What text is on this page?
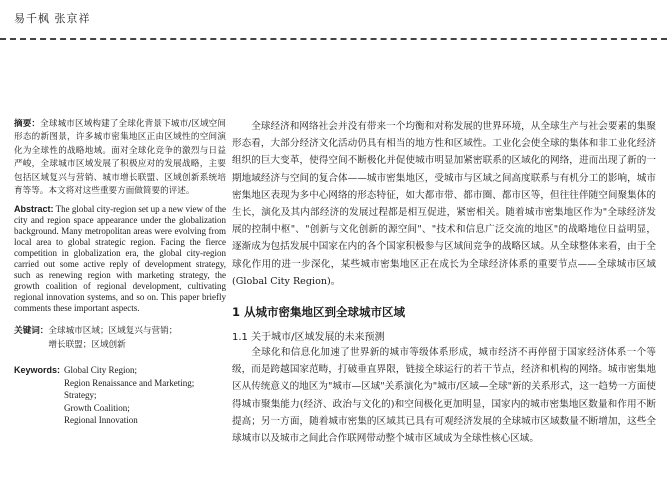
易千枫 张京祥
摘要：全球城市区域构建了全球化背景下城市/区域空间形态的新图景，许多城市密集地区正由区域性的空间演化为全球性的战略地域。面对全球化竞争的激烈与日益严峻，全球城市区域发展了积极应对的发展战略，主要包括区域复兴与营销、城市增长联盟、区域创新系统培育等等。本文将对这些重要方面做简要的评述。
Abstract: The global city-region set up a new view of the city and region space appearance under the globalization background. Many metropolitan areas were evolving from local area to global strategic region. Facing the fierce competition in globalization era, the global city-region carried out some active reply of development strategy, such as renewing region with marketing strategy, the growth coalition of regional development, cultivating regional innovation systems, and so on. This paper briefly comments these important aspects.
关键词： 全球城市区域；区域复兴与营销；
增长联盟；区域创新
Keywords: Global City Region;
Region Renaissance and Marketing;
Strategy;
Growth Coalition;
Regional Innovation

全球经济和网络社会并没有带来一个均衡和对称发展的世界环境，从全球生产与社会要素的集聚形态看，大部分经济文化活动仍具有相当的地方性和区域性。工业化会使全球的集体和非工业化经济组织的巨大变革，使得空间不断极化并促使城市明显加紧密联系的区域化的网络，进而出现了新的一期地域经济与空间的复合体——城市密集地区，受城市与区域之间高度联系与有机分工的影响，城市密集地区表现为多中心网络的形态特征，如大都市带、都市圈、都市区等，但往往伴随空间聚集体的生长，演化及其内部经济的发展过程都是相互促进，紧密相关。随着城市密集地区作为"全球经济发展的控制中枢"、"创新与文化创新的源空间"、"技术和信息广泛交流的地区"的战略地位日益明显，逐渐成为包括发展中国家在内的各个国家积极参与区域间竞争的战略区域。从全球整体来看，由于全球化作用的进一步深化，某些城市密集地区正在成长为全球经济体系的重要节点——全球城市区域(Global City Region)。

1 从城市密集地区到全球城市区域
1.1 关于城市/区域发展的未来预测

全球化和信息化加速了世界新的城市等级体系形成，城市经济不再停留于国家经济体系一个等级，而是跨越国家范畴，打破垂直界限，链接全球运行的若干节点，经济和机构的网络。城市密集地区从传统意义的地区为"城市—区域"关系演化为"城市/区域—全球"新的关系形式，这一趋势一方面使得城市聚集能力(经济、政治与文化的)和空间极化更加明显，国家内的城市密集地区数量和作用不断提高；另一方面，随着城市密集的区域其已具有可观经济发展的全球城市区域数量不断增加，这些全球城市以及城市之间此合作联网带动整个城市区域成为全球性核心区域。
